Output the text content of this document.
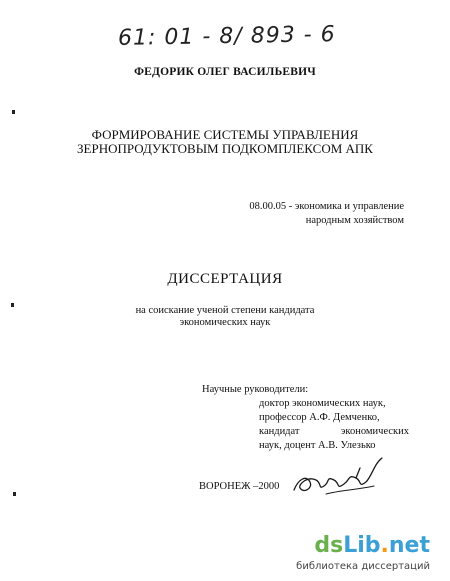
61: 01 - 8/ 893 - 6
ФЕДОРИК ОЛЕГ ВАСИЛЬЕВИЧ
ФОРМИРОВАНИЕ СИСТЕМЫ УПРАВЛЕНИЯ
ЗЕРНОПРОДУКТОВЫМ ПОДКОМПЛЕКСОМ АПК
08.00.05 - экономика и управление
народным хозяйством
ДИССЕРТАЦИЯ
на соискание ученой степени кандидата
экономических наук
Научные руководители:
доктор экономических наук,
профессор А.Ф. Демченко,
кандидат	экономических
наук, доцент А.В. Улезько
ВОРОНЕЖ –2000
dsLib.net
библиотека диссертаций
